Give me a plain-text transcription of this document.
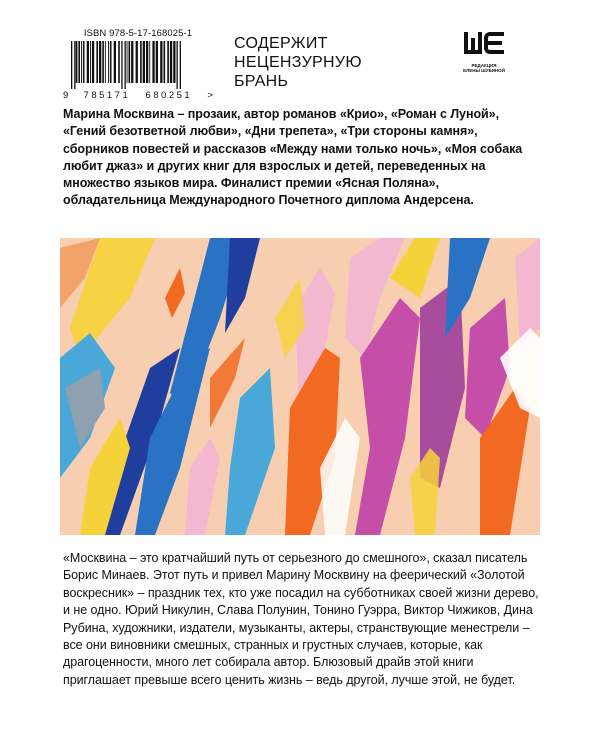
ISBN 978-5-17-168025-1
9 785171 680251 >
СОДЕРЖИТ
НЕЦЕНЗУРНУЮ
БРАНЬ
РЕДАКЦИЯ
ЕЛЕНЫ ШУБИНОЙ
Марина Москвина – прозаик, автор романов «Крио», «Роман с Луной», «Гений безответной любви», «Дни трепета», «Три стороны камня», сборников повестей и рассказов «Между нами только ночь», «Моя собака любит джаз» и других книг для взрослых и детей, переведенных на множество языков мира. Финалист премии «Ясная Поляна», обладательница Международного Почетного диплома Андерсена.
«Москвина – это кратчайший путь от серьезного до смешного», сказал писатель Борис Минаев. Этот путь и привел Марину Москвину на феерический «Золотой воскресник» – праздник тех, кто уже посадил на субботниках своей жизни дерево, и не одно. Юрий Никулин, Слава Полунин, Тонино Гуэрра, Виктор Чижиков, Дина Рубина, художники, издатели, музыканты, актеры, странствующие менестрели – все они виновники смешных, странных и грустных случаев, которые, как драгоценности, много лет собирала автор. Блюзовый драйв этой книги приглашает превыше всего ценить жизнь – ведь другой, лучше этой, не будет.
